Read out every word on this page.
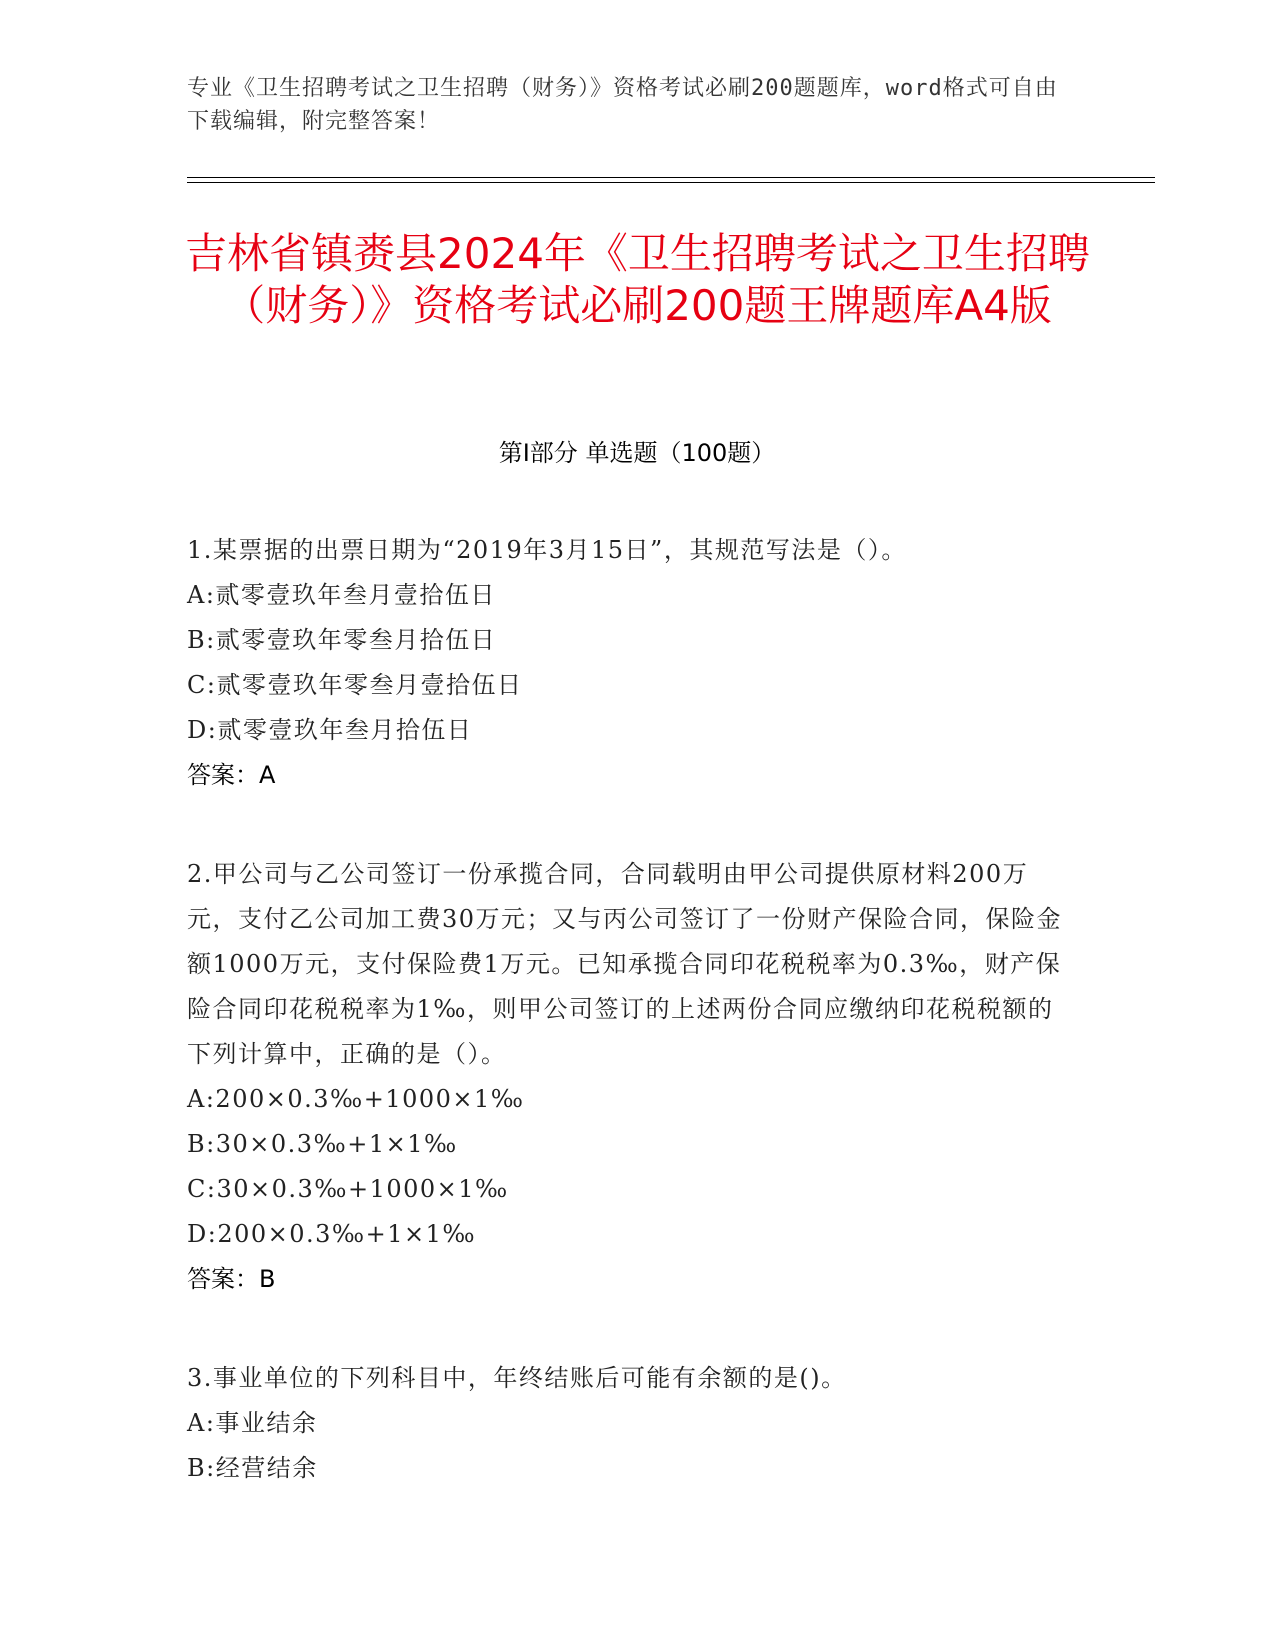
专业《卫生招聘考试之卫生招聘（财务）》资格考试必刷200题题库，word格式可自由下载编辑，附完整答案！
吉林省镇赉县2024年《卫生招聘考试之卫生招聘（财务）》资格考试必刷200题王牌题库A4版
第I部分 单选题（100题）
1.某票据的出票日期为“2019年3月15日”，其规范写法是（）。
A:贰零壹玖年叁月壹拾伍日
B:贰零壹玖年零叁月拾伍日
C:贰零壹玖年零叁月壹拾伍日
D:贰零壹玖年叁月拾伍日
答案：A
2.甲公司与乙公司签订一份承揽合同，合同载明由甲公司提供原材料200万元，支付乙公司加工费30万元；又与丙公司签订了一份财产保险合同，保险金额1000万元，支付保险费1万元。已知承揽合同印花税税率为0.3‰，财产保险合同印花税税率为1‰，则甲公司签订的上述两份合同应缴纳印花税税额的下列计算中，正确的是（）。
A:200×0.3‰+1000×1‰
B:30×0.3‰+1×1‰
C:30×0.3‰+1000×1‰
D:200×0.3‰+1×1‰
答案：B
3.事业单位的下列科目中，年终结账后可能有余额的是()。
A:事业结余
B:经营结余
